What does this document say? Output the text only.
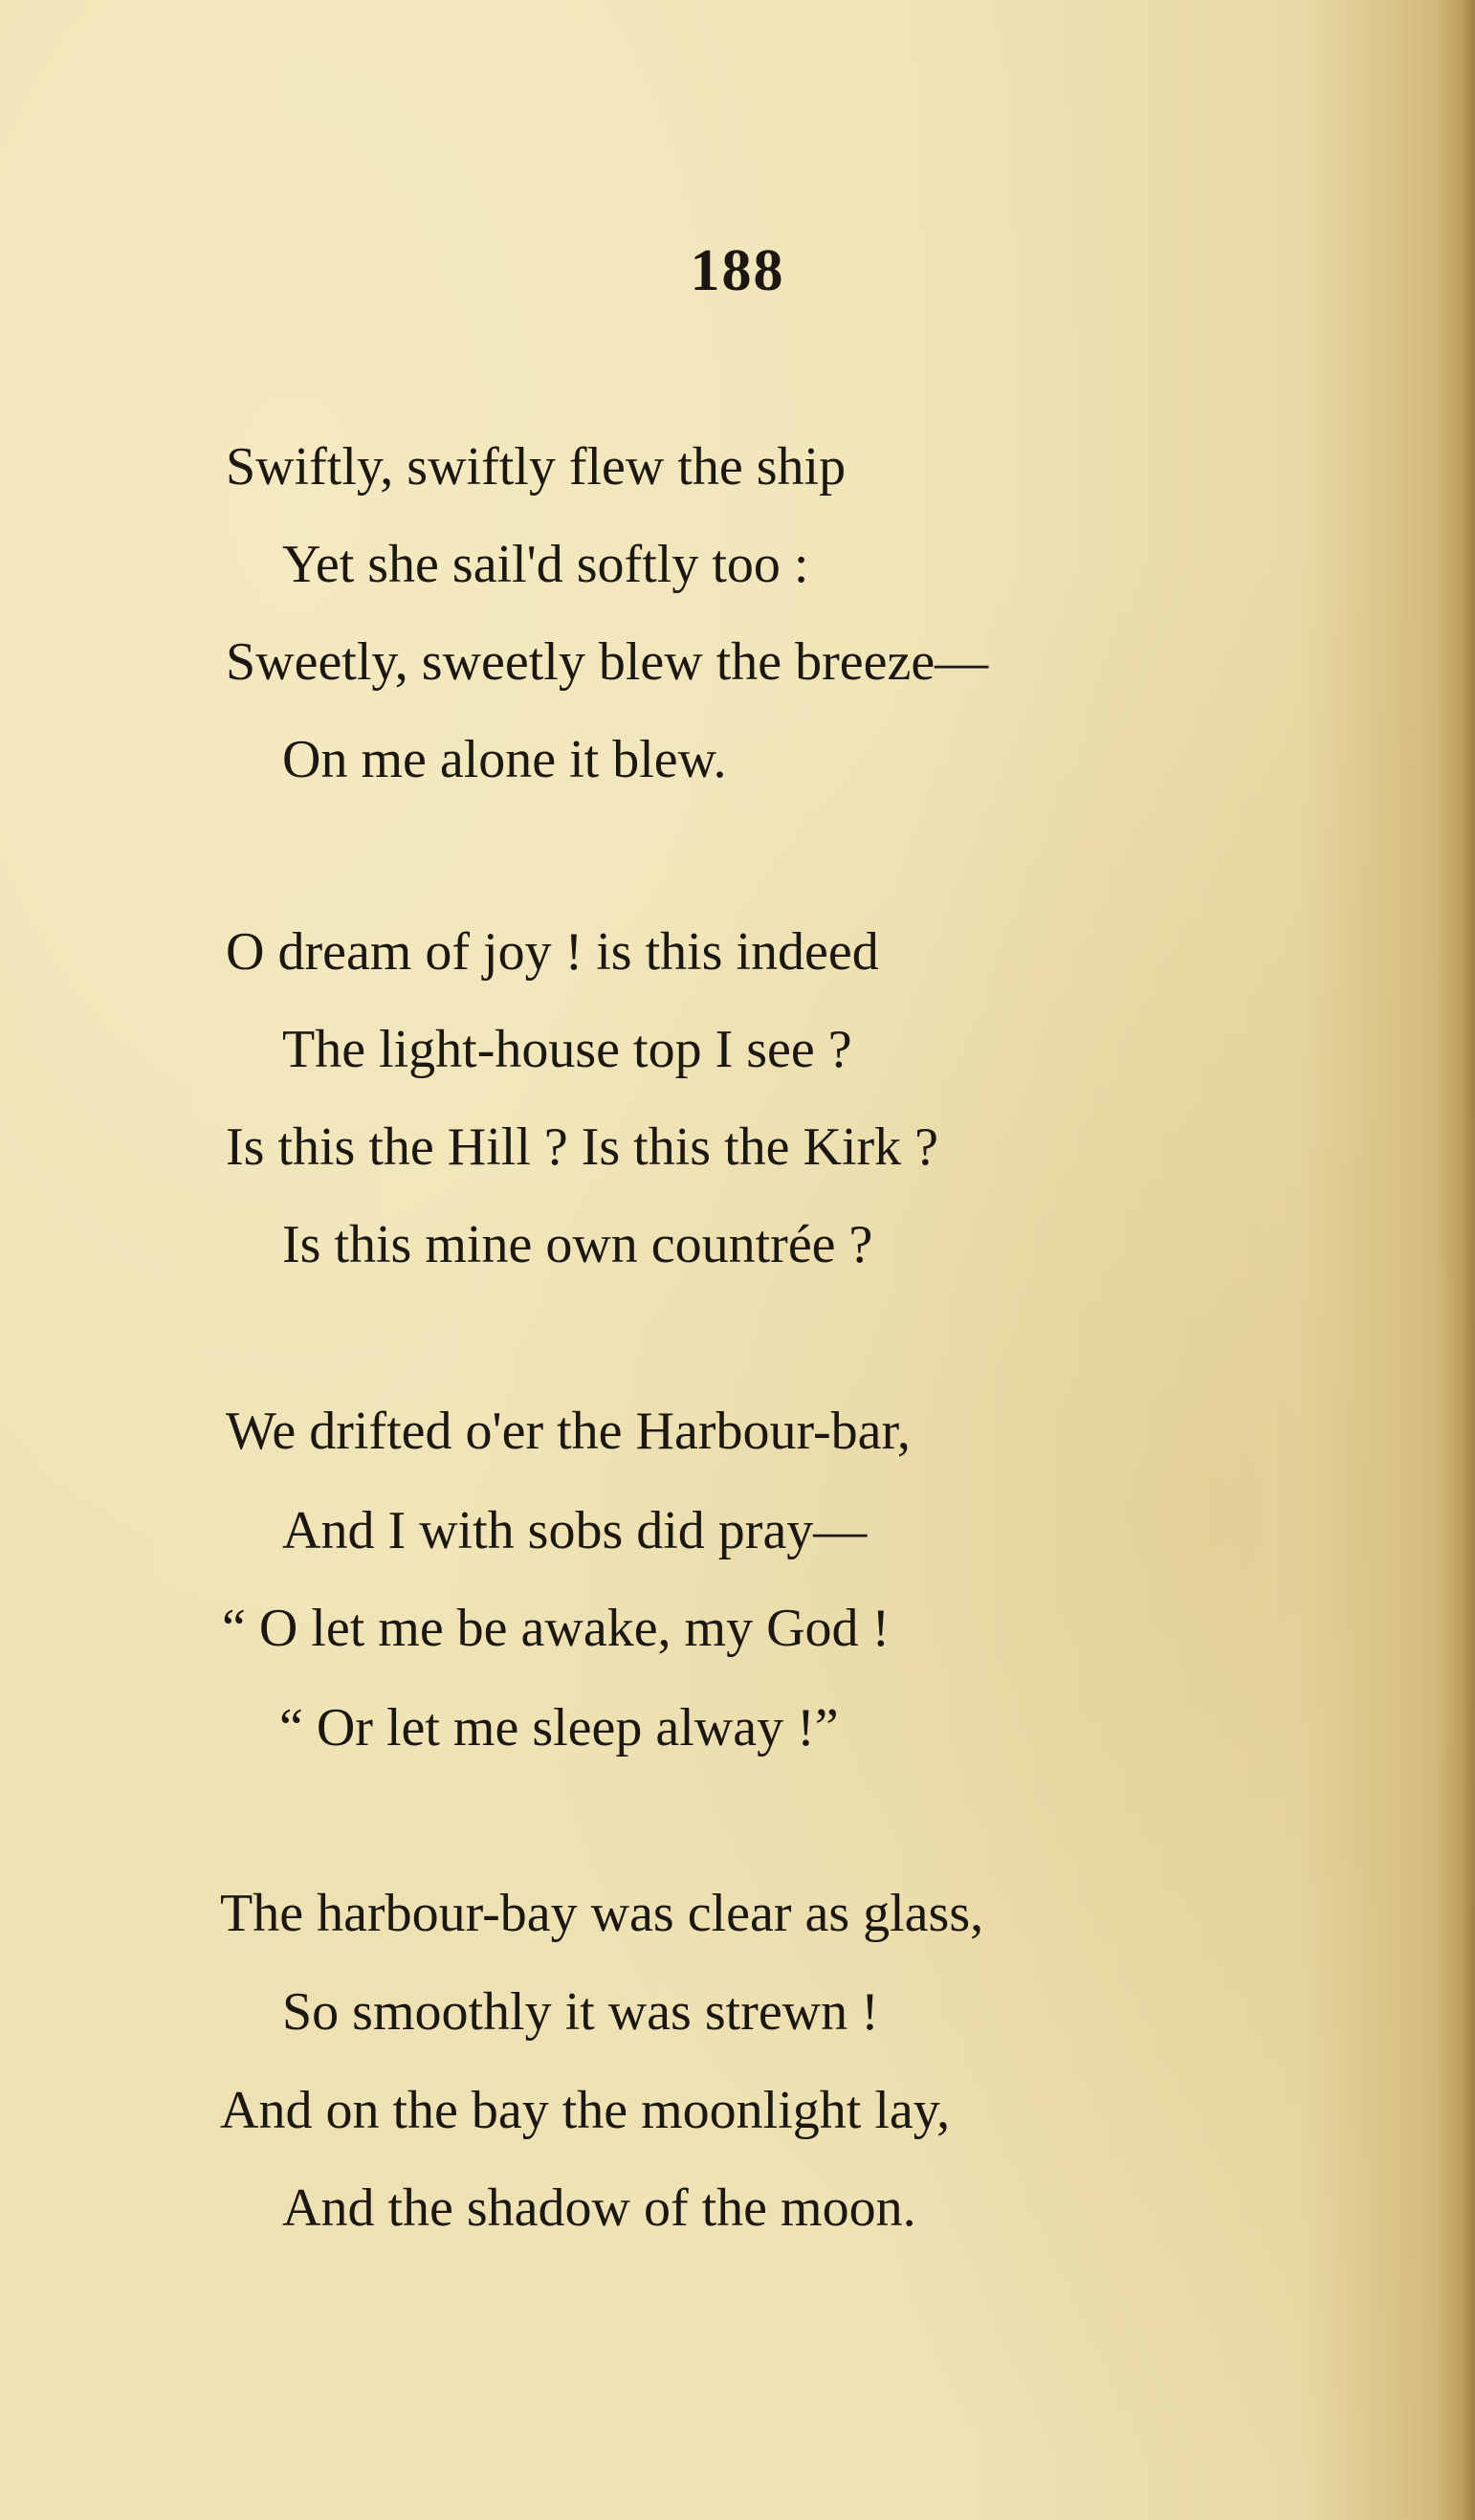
188
Swiftly, swiftly flew the ship
Yet she sail'd softly too :
Sweetly, sweetly blew the breeze—
On me alone it blew.
O dream of joy ! is this indeed
The light-house top I see ?
Is this the Hill ? Is this the Kirk ?
Is this mine own countrée ?
We drifted o'er the Harbour-bar,
And I with sobs did pray—
“ O let me be awake, my God !
“ Or let me sleep alway !”
The harbour-bay was clear as glass,
So smoothly it was strewn !
And on the bay the moonlight lay,
And the shadow of the moon.
